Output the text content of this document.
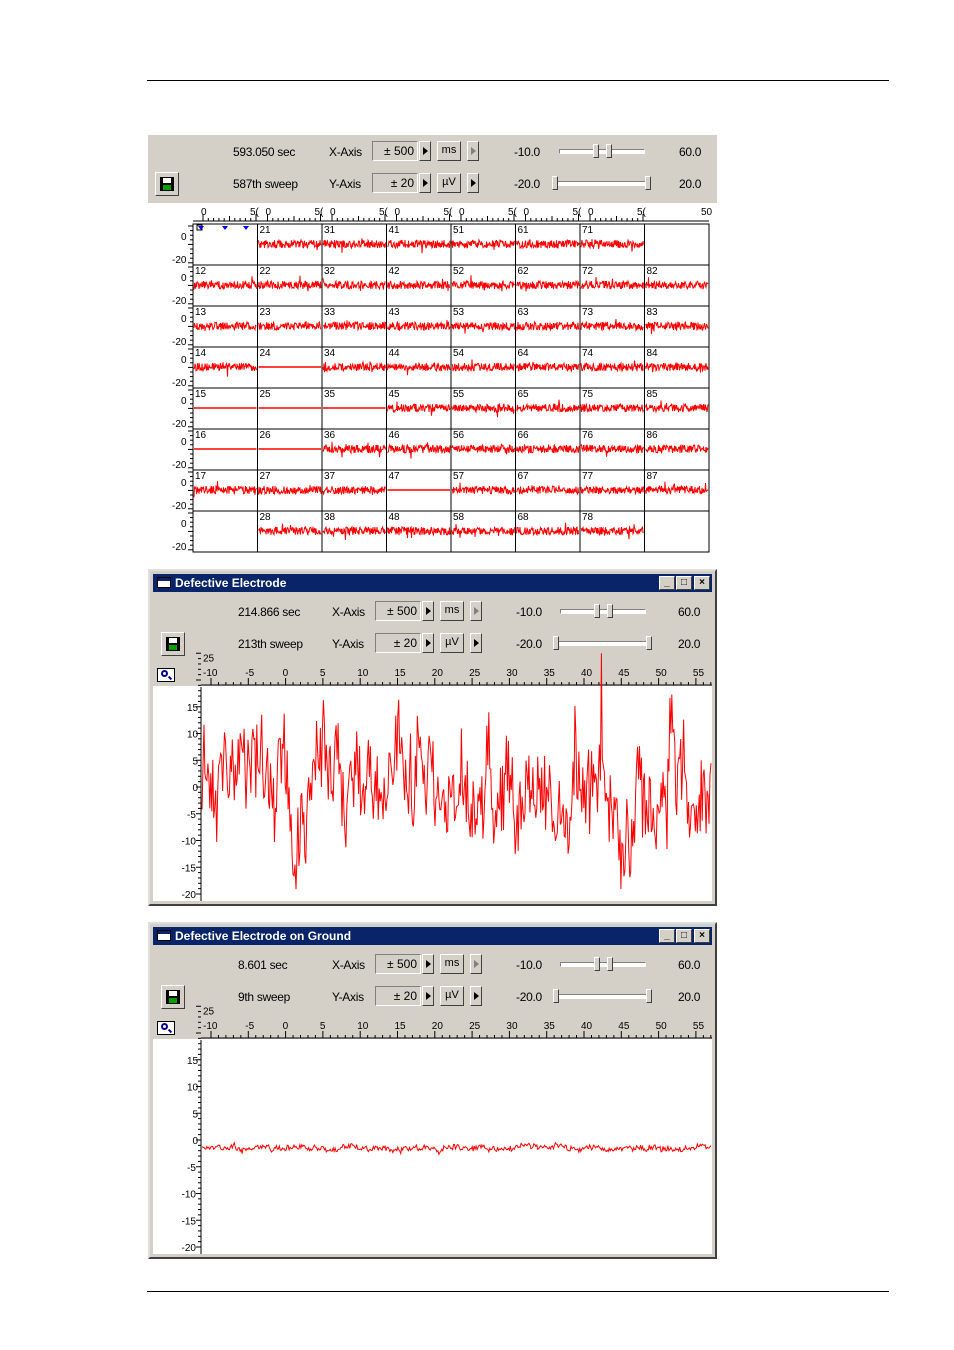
593.050 sec
587th sweep
X-Axis
Y-Axis
± 500	ms
± 20	µV
-10.0	60.0
-20.0	20.0
0	5( 0	5( 0	5( 0	5( 0	5( 0	5( 0	5(	50
0
-20
21	31	41	51	61	71
0
-20
12	22	32	42	52	62	72	82
0
-20
13	23	33	43	53	63	73	83
0
-20
14	24	34	44	54	64	74	84
0
-20
15	25	35	45	55	65	75	85
0
-20
16	26	36	46	56	66	76	86
0
-20
17	27	37	47	57	67	77	87
0
-20
28	38	48	58	68	78
Defective Electrode	_ □ ×
214.866 sec
213th sweep
X-Axis
Y-Axis
± 500	ms
± 20	µV
-10.0	60.0
-20.0	20.0
-10	-5	0	5	10	15	20	25	30	35	40	45	50	55
25
15
10
5
0
-5
-10
-15
-20
Defective Electrode on Ground	_ □ ×
8.601 sec
9th sweep
X-Axis
Y-Axis
± 500	ms
± 20	µV
-10.0	60.0
-20.0	20.0
-10	-5	0	5	10	15	20	25	30	35	40	45	50	55
25
15
10
5
0
-5
-10
-15
-20
